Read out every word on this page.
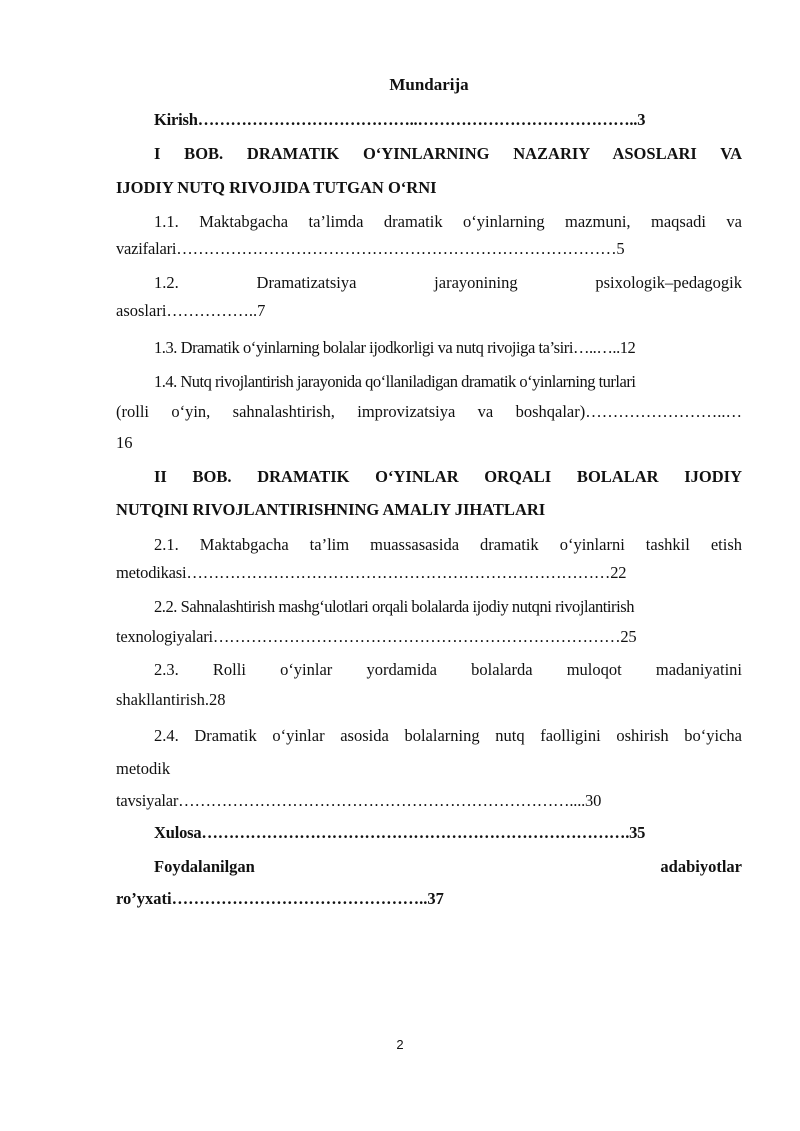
Mundarija
Kirish…………………………………..…………………………………..3
I BOB. DRAMATIK O‘YINLARNING NAZARIY ASOSLARI VA
IJODIY NUTQ RIVOJIDA TUTGAN O‘RNI
1.1. Maktabgacha ta’limda dramatik o‘yinlarning mazmuni, maqsadi va
vazifalari………………………………………………………………………5
1.2. Dramatizatsiya jarayonining psixologik–pedagogik
asoslari……………..7
1.3. Dramatik o‘yinlarning bolalar ijodkorligi va nutq rivojiga ta’siri…..…..12
1.4. Nutq rivojlantirish jarayonida qo‘llaniladigan dramatik o‘yinlarning turlari
(rolli o‘yin, sahnalashtirish, improvizatsiya va boshqalar)……………………..…
16
II BOB. DRAMATIK O‘YINLAR ORQALI BOLALAR IJODIY
NUTQINI RIVOJLANTIRISHNING AMALIY JIHATLARI
2.1. Maktabgacha ta’lim muassasasida dramatik o‘yinlarni tashkil etish
metodikasi……………………………………………………………………22
2.2. Sahnalashtirish mashg‘ulotlari orqali bolalarda ijodiy nutqni rivojlantirish
texnologiyalari…………………………………………………………………25
2.3. Rolli o‘yinlar yordamida bolalarda muloqot madaniyatini
shakllantirish.28
2.4. Dramatik o‘yinlar asosida bolalarning nutq faolligini oshirish bo‘yicha
metodik
tavsiyalar………………………………………………………………....30
Xulosa…………………………………………………………………….35
Foydalanilgan adabiyotlar
ro’yxati………………………………………..37
2
